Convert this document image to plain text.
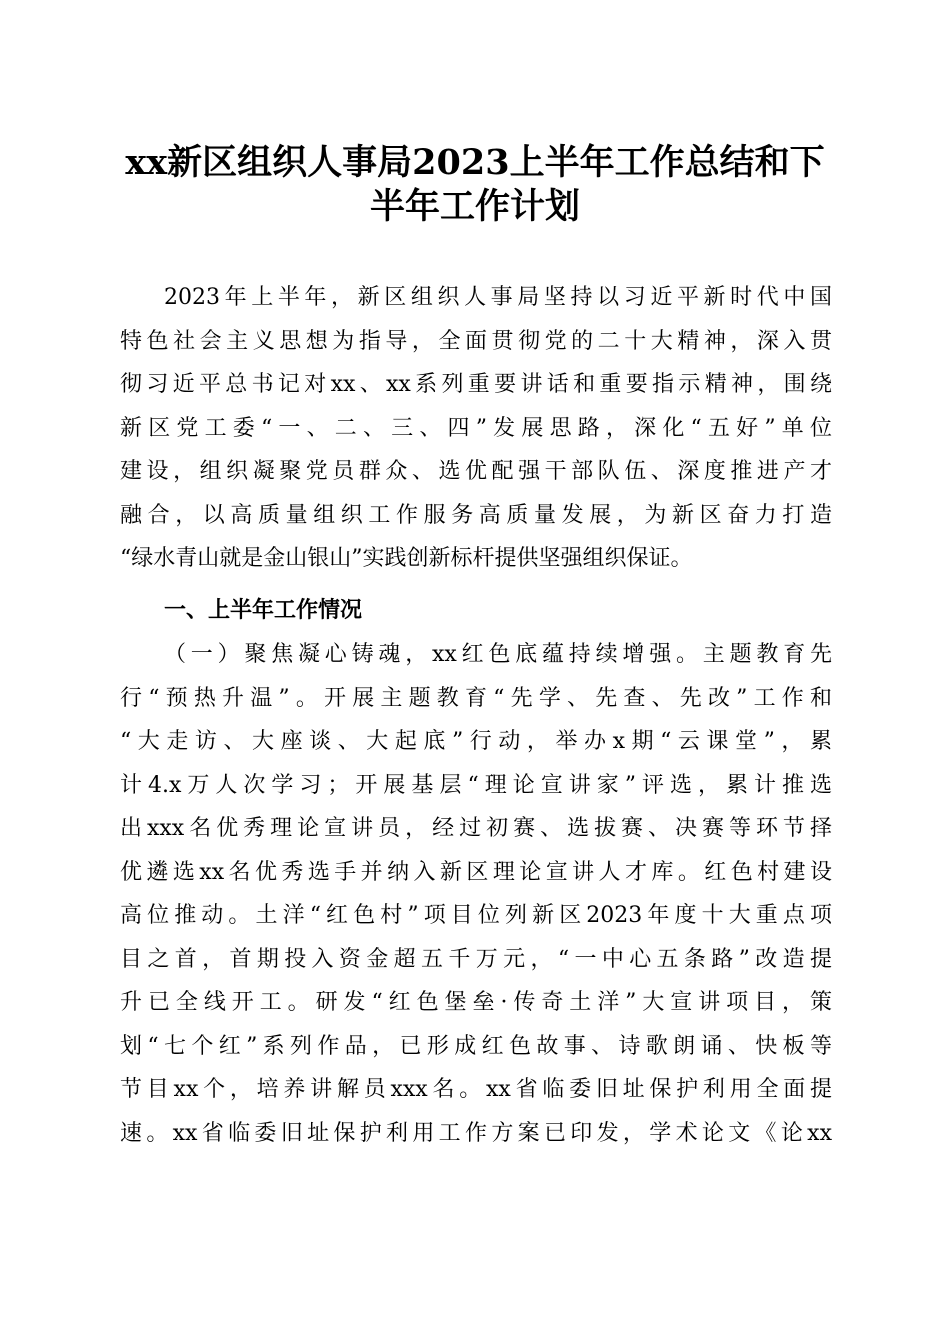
xx新区组织人事局2023上半年工作总结和下
半年工作计划
2023年上半年，新区组织人事局坚持以习近平新时代中国
特色社会主义思想为指导，全面贯彻党的二十大精神，深入贯
彻习近平总书记对xx、xx系列重要讲话和重要指示精神，围绕
新区党工委“一、二、三、四”发展思路，深化“五好”单位
建设，组织凝聚党员群众、选优配强干部队伍、深度推进产才
融合，以高质量组织工作服务高质量发展，为新区奋力打造
“绿水青山就是金山银山”实践创新标杆提供坚强组织保证。
一、上半年工作情况
（一）聚焦凝心铸魂，xx红色底蕴持续增强。主题教育先
行“预热升温”。开展主题教育“先学、先查、先改”工作和
“大走访、大座谈、大起底”行动，举办x期“云课堂”，累
计4.x万人次学习；开展基层“理论宣讲家”评选，累计推选
出xxx名优秀理论宣讲员，经过初赛、选拔赛、决赛等环节择
优遴选xx名优秀选手并纳入新区理论宣讲人才库。红色村建设
高位推动。土洋“红色村”项目位列新区2023年度十大重点项
目之首，首期投入资金超五千万元，“一中心五条路”改造提
升已全线开工。研发“红色堡垒·传奇土洋”大宣讲项目，策
划“七个红”系列作品，已形成红色故事、诗歌朗诵、快板等
节目xx个，培养讲解员xxx名。xx省临委旧址保护利用全面提
速。xx省临委旧址保护利用工作方案已印发，学术论文《论xx
